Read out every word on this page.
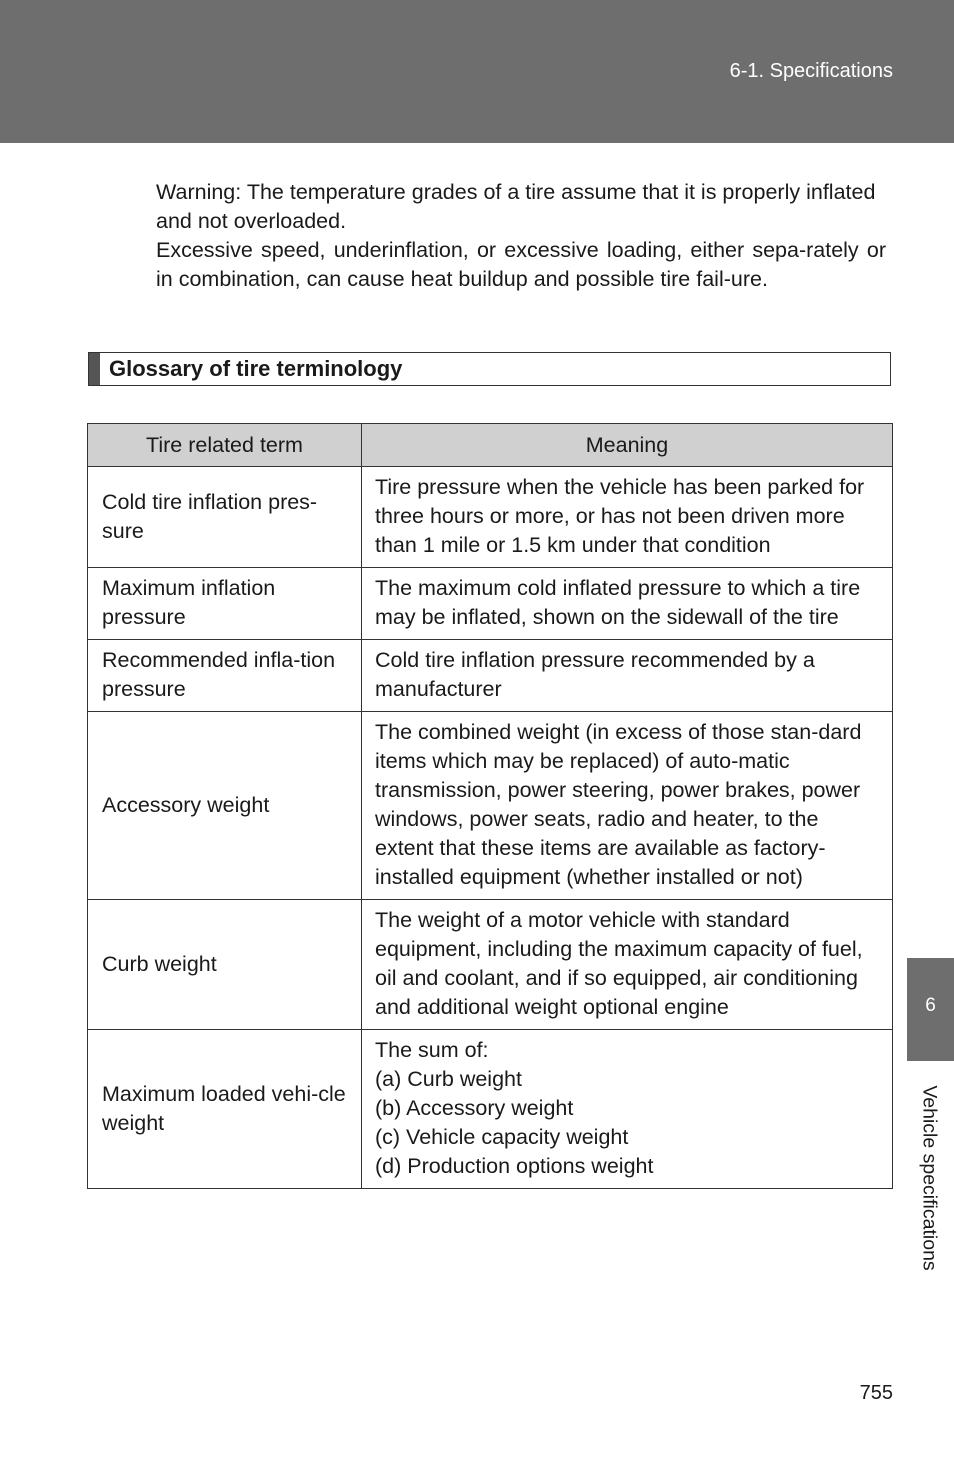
6-1. Specifications

Warning: The temperature grades of a tire assume that it is properly inflated and not overloaded.

Excessive speed, underinflation, or excessive loading, either sepa-rately or in combination, can cause heat buildup and possible tire fail-ure.

Glossary of tire terminology
Tire related term	Meaning
Cold tire inflation pres-sure	Tire pressure when the vehicle has been parked for three hours or more, or has not been driven more than 1 mile or 1.5 km under that condition
Maximum inflation pressure	The maximum cold inflated pressure to which a tire may be inflated, shown on the sidewall of the tire
Recommended infla-tion pressure	Cold tire inflation pressure recommended by a manufacturer
Accessory weight	The combined weight (in excess of those stan-dard items which may be replaced) of auto-matic transmission, power steering, power brakes, power windows, power seats, radio and heater, to the extent that these items are available as factory-installed equipment (whether installed or not)
Curb weight	The weight of a motor vehicle with standard equipment, including the maximum capacity of fuel, oil and coolant, and if so equipped, air conditioning and additional weight optional engine
Maximum loaded vehi-cle weight	The sum of:
(a) Curb weight
(b) Accessory weight
(c) Vehicle capacity weight
(d) Production options weight
6
Vehicle specifications
755
